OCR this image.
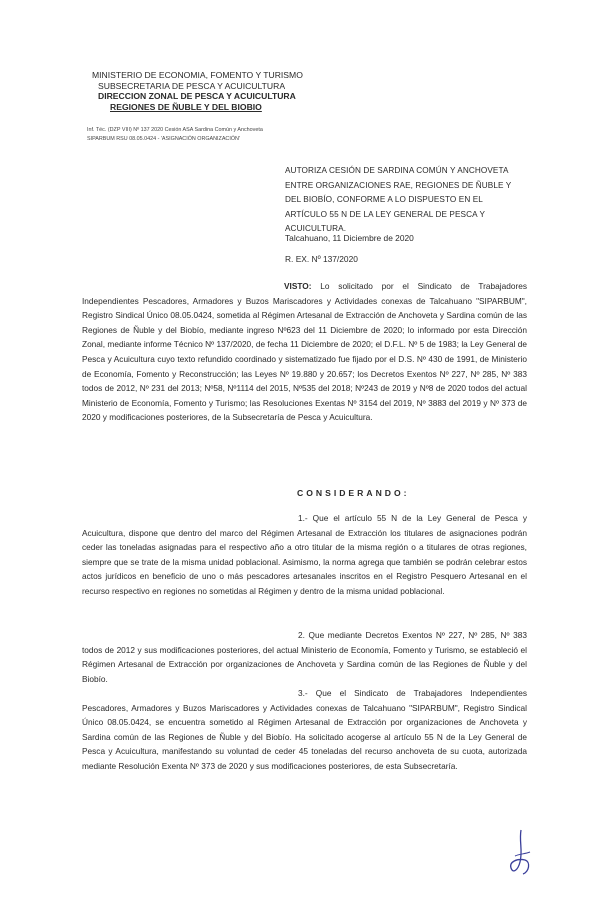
MINISTERIO DE ECONOMIA, FOMENTO Y TURISMO
SUBSECRETARIA DE PESCA Y ACUICULTURA
DIRECCION ZONAL DE PESCA Y ACUICULTURA
REGIONES DE ÑUBLE Y DEL BIOBIO
Inf. Téc. (DZP VIII) Nº 137 2020 Cesión ASA Sardina Común y Anchoveta
SIPARBUM RSU 08.05.0424 - 'ASIGNACIÓN ORGANIZACIÓN'
AUTORIZA CESIÓN DE SARDINA COMÚN Y ANCHOVETA ENTRE ORGANIZACIONES RAE, REGIONES DE ÑUBLE Y DEL BIOBÍO, CONFORME A LO DISPUESTO EN EL ARTÍCULO 55 N DE LA LEY GENERAL DE PESCA Y ACUICULTURA.
Talcahuano, 11 Diciembre de 2020
R. EX. Nº 137/2020
VISTO: Lo solicitado por el Sindicato de Trabajadores Independientes Pescadores, Armadores y Buzos Mariscadores y Actividades conexas de Talcahuano "SIPARBUM", Registro Sindical Único 08.05.0424, sometida al Régimen Artesanal de Extracción de Anchoveta y Sardina común de las Regiones de Ñuble y del Biobío, mediante ingreso Nº623 del 11 Diciembre de 2020; lo informado por esta Dirección Zonal, mediante informe Técnico Nº 137/2020, de fecha 11 Diciembre de 2020; el D.F.L. Nº 5 de 1983; la Ley General de Pesca y Acuicultura cuyo texto refundido coordinado y sistematizado fue fijado por el D.S. Nº 430 de 1991, de Ministerio de Economía, Fomento y Reconstrucción; las Leyes Nº 19.880 y 20.657; los Decretos Exentos Nº 227, Nº 285, Nº 383 todos de 2012, Nº 231 del 2013; Nº58, Nº1114 del 2015, Nº535 del 2018; Nº243 de 2019 y Nº8 de 2020 todos del actual Ministerio de Economía, Fomento y Turismo; las Resoluciones Exentas Nº 3154 del 2019, Nº 3883 del 2019 y Nº 373 de 2020 y modificaciones posteriores, de la Subsecretaría de Pesca y Acuicultura.
CONSIDERANDO:
1.- Que el artículo 55 N de la Ley General de Pesca y Acuicultura, dispone que dentro del marco del Régimen Artesanal de Extracción los titulares de asignaciones podrán ceder las toneladas asignadas para el respectivo año a otro titular de la misma región o a titulares de otras regiones, siempre que se trate de la misma unidad poblacional. Asimismo, la norma agrega que también se podrán celebrar estos actos jurídicos en beneficio de uno o más pescadores artesanales inscritos en el Registro Pesquero Artesanal en el recurso respectivo en regiones no sometidas al Régimen y dentro de la misma unidad poblacional.
2. Que mediante Decretos Exentos Nº 227, Nº 285, Nº 383 todos de 2012 y sus modificaciones posteriores, del actual Ministerio de Economía, Fomento y Turismo, se estableció el Régimen Artesanal de Extracción por organizaciones de Anchoveta y Sardina común de las Regiones de Ñuble y del Biobío.
3.- Que el Sindicato de Trabajadores Independientes Pescadores, Armadores y Buzos Mariscadores y Actividades conexas de Talcahuano "SIPARBUM", Registro Sindical Único 08.05.0424, se encuentra sometido al Régimen Artesanal de Extracción por organizaciones de Anchoveta y Sardina común de las Regiones de Ñuble y del Biobío. Ha solicitado acogerse al artículo 55 N de la Ley General de Pesca y Acuicultura, manifestando su voluntad de ceder 45 toneladas del recurso anchoveta de su cuota, autorizada mediante Resolución Exenta Nº 373 de 2020 y sus modificaciones posteriores, de esta Subsecretaría.
